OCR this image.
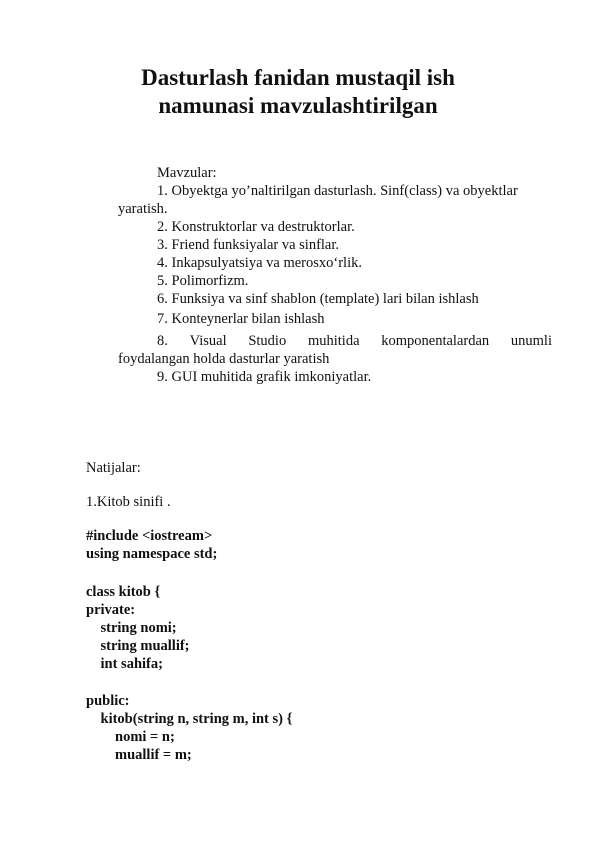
Dasturlash fanidan mustaqil ish
namunasi mavzulashtirilgan
Mavzular:
1. Obyektga yo’naltirilgan dasturlash. Sinf(class) va obyektlar
yaratish.
2. Konstruktorlar va destruktorlar.
3. Friend funksiyalar va sinflar.
4. Inkapsulyatsiya va merosxo‘rlik.
5. Polimorfizm.
6. Funksiya va sinf shablon (template) lari bilan ishlash
7. Konteynerlar bilan ishlash
8. Visual Studio muhitida komponentalardan unumli
foydalangan holda dasturlar yaratish
9. GUI muhitida grafik imkoniyatlar.
Natijalar:
1.Kitob sinifi .
#include <iostream>
using namespace std;
class kitob {
private:
string nomi;
string muallif;
int sahifa;
public:
kitob(string n, string m, int s) {
nomi = n;
muallif = m;
